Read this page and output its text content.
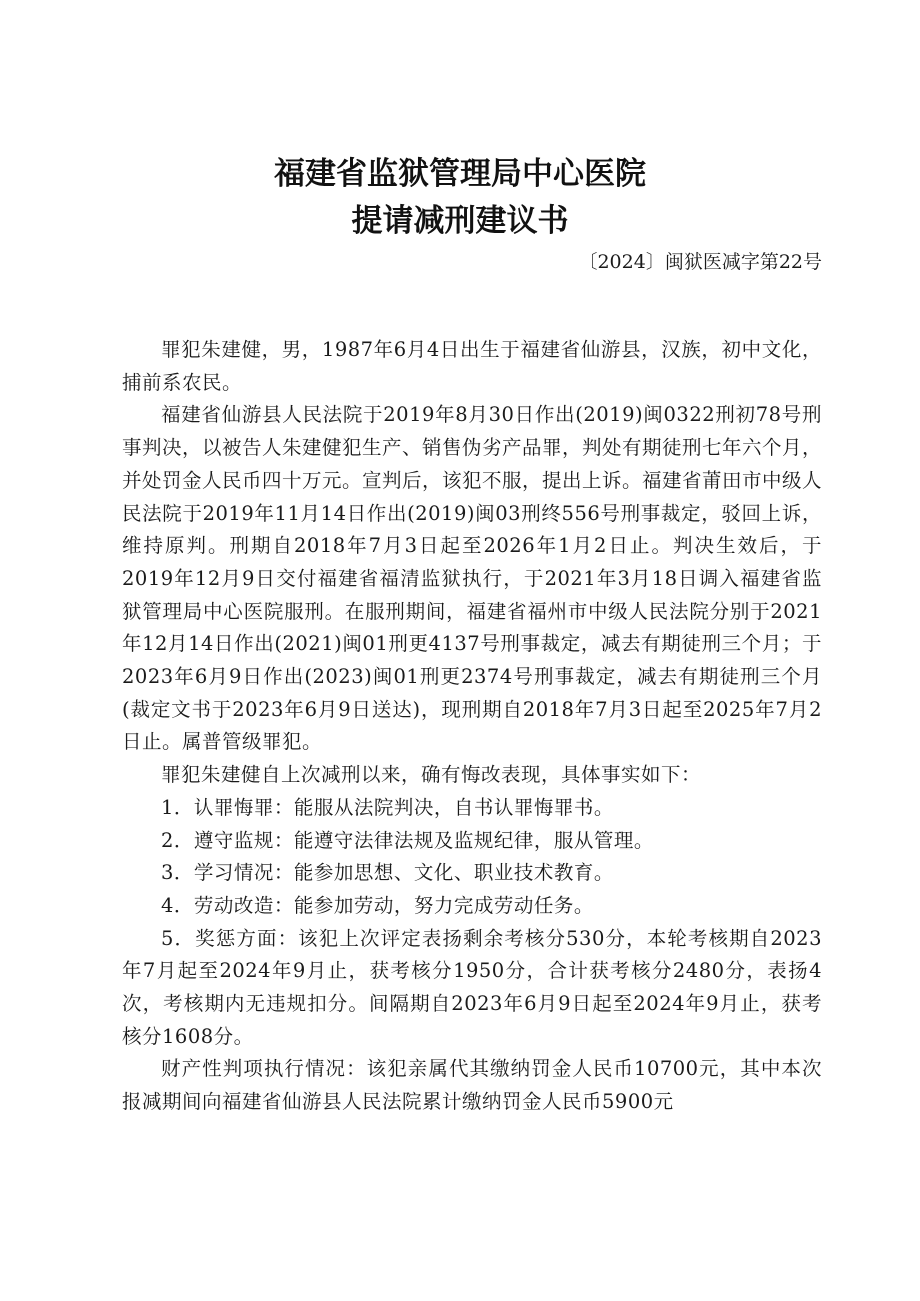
福建省监狱管理局中心医院
提请减刑建议书
〔2024〕闽狱医减字第22号

罪犯朱建健，男，1987年6月4日出生于福建省仙游县，汉族，初中文化，捕前系农民。

福建省仙游县人民法院于2019年8月30日作出(2019)闽0322刑初78号刑事判决，以被告人朱建健犯生产、销售伪劣产品罪，判处有期徒刑七年六个月，并处罚金人民币四十万元。宣判后，该犯不服，提出上诉。福建省莆田市中级人民法院于2019年11月14日作出(2019)闽03刑终556号刑事裁定，驳回上诉，维持原判。刑期自2018年7月3日起至2026年1月2日止。判决生效后，于2019年12月9日交付福建省福清监狱执行，于2021年3月18日调入福建省监狱管理局中心医院服刑。在服刑期间，福建省福州市中级人民法院分别于2021年12月14日作出(2021)闽01刑更4137号刑事裁定，减去有期徒刑三个月；于2023年6月9日作出(2023)闽01刑更2374号刑事裁定，减去有期徒刑三个月(裁定文书于2023年6月9日送达)，现刑期自2018年7月3日起至2025年7月2日止。属普管级罪犯。

罪犯朱建健自上次减刑以来，确有悔改表现，具体事实如下：

1．认罪悔罪：能服从法院判决，自书认罪悔罪书。

2．遵守监规：能遵守法律法规及监规纪律，服从管理。

3．学习情况：能参加思想、文化、职业技术教育。

4．劳动改造：能参加劳动，努力完成劳动任务。

5．奖惩方面：该犯上次评定表扬剩余考核分530分，本轮考核期自2023年7月起至2024年9月止，获考核分1950分，合计获考核分2480分，表扬4次，考核期内无违规扣分。间隔期自2023年6月9日起至2024年9月止，获考核分1608分。

财产性判项执行情况：该犯亲属代其缴纳罚金人民币10700元，其中本次报减期间向福建省仙游县人民法院累计缴纳罚金人民币5900元
